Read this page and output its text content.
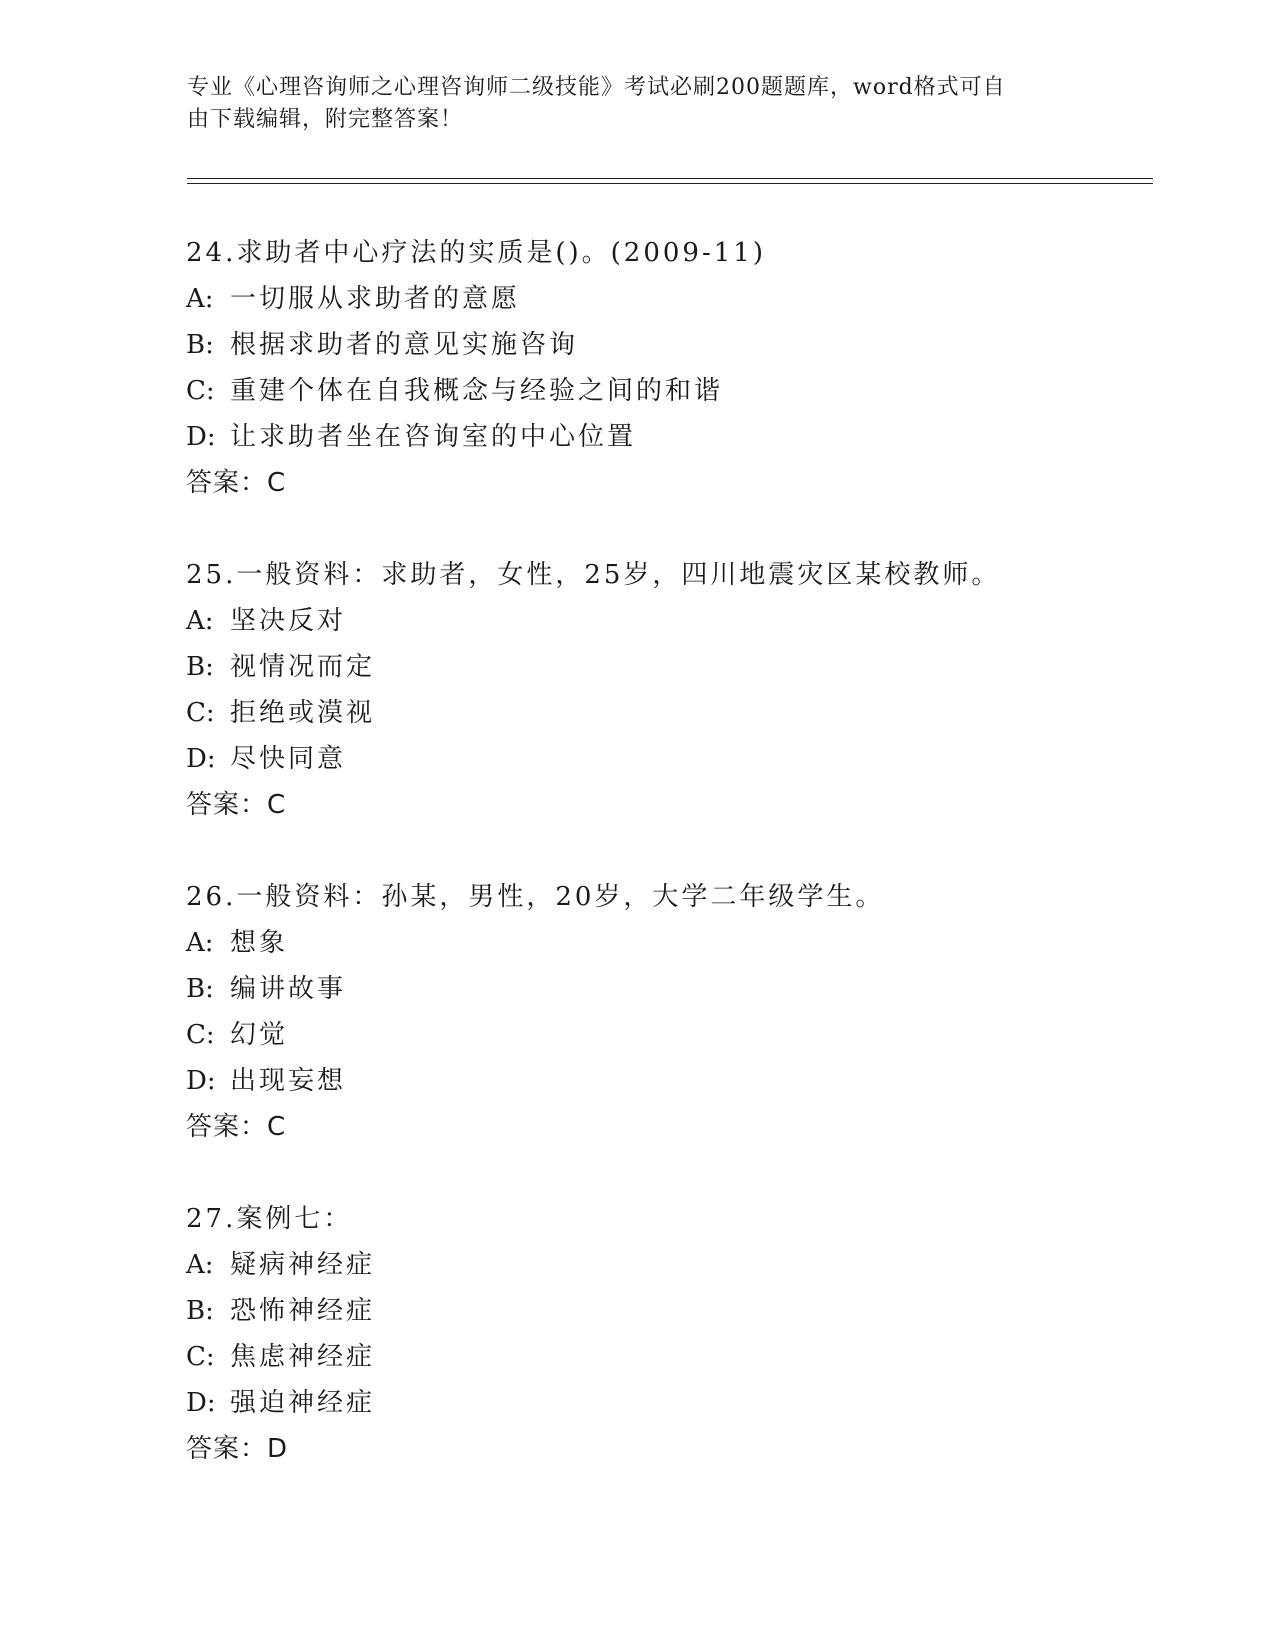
专业《心理咨询师之心理咨询师二级技能》考试必刷200题题库，word格式可自
由下载编辑，附完整答案！
24.求助者中心疗法的实质是()。(2009-11)
A: 一切服从求助者的意愿
B: 根据求助者的意见实施咨询
C: 重建个体在自我概念与经验之间的和谐
D: 让求助者坐在咨询室的中心位置
答案：C
25.一般资料：求助者，女性，25岁，四川地震灾区某校教师。
A: 坚决反对
B: 视情况而定
C: 拒绝或漠视
D: 尽快同意
答案：C
26.一般资料：孙某，男性，20岁，大学二年级学生。
A: 想象
B: 编讲故事
C: 幻觉
D: 出现妄想
答案：C
27.案例七：
A: 疑病神经症
B: 恐怖神经症
C: 焦虑神经症
D: 强迫神经症
答案：D
